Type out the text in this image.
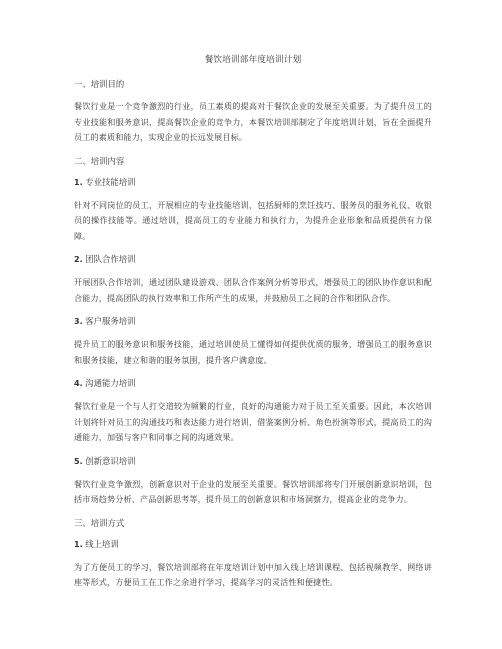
餐饮培训部年度培训计划
一、培训目的

餐饮行业是一个竞争激烈的行业，员工素质的提高对于餐饮企业的发展至关重要。为了提升员工的专业技能和服务意识，提高餐饮企业的竞争力，本餐饮培训部制定了年度培训计划，旨在全面提升员工的素质和能力，实现企业的长远发展目标。

二、培训内容
1. 专业技能培训

针对不同岗位的员工，开展相应的专业技能培训，包括厨师的烹饪技巧、服务员的服务礼仪、收银员的操作技能等。通过培训，提高员工的专业能力和执行力，为提升企业形象和品质提供有力保障。

2. 团队合作培训

开展团队合作培训，通过团队建设游戏、团队合作案例分析等形式，增强员工的团队协作意识和配合能力，提高团队的执行效率和工作所产生的成果，并鼓励员工之间的合作和团队合作。

3. 客户服务培训

提升员工的服务意识和服务技能，通过培训使员工懂得如何提供优质的服务，增强员工的服务意识和服务技能，建立和谐的服务氛围，提升客户满意度。

4. 沟通能力培训

餐饮行业是一个与人打交道较为频繁的行业，良好的沟通能力对于员工至关重要。因此，本次培训计划将针对员工的沟通技巧和表达能力进行培训，借鉴案例分析、角色扮演等形式，提高员工的沟通能力，加强与客户和同事之间的沟通效果。

5. 创新意识培训

餐饮行业竞争激烈，创新意识对于企业的发展至关重要。餐饮培训部将专门开展创新意识培训，包括市场趋势分析、产品创新思考等，提升员工的创新意识和市场洞察力，提高企业的竞争力。

三、培训方式
1. 线上培训

为了方便员工的学习，餐饮培训部将在年度培训计划中加入线上培训课程，包括视频教学、网络讲座等形式，方便员工在工作之余进行学习，提高学习的灵活性和便捷性。
